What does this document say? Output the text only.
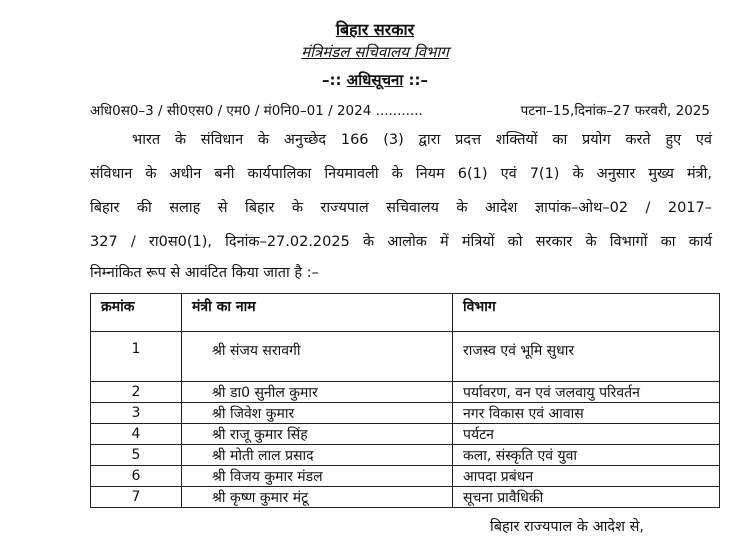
बिहार सरकार
मंत्रिमंडल सचिवालय विभाग
–:: अधिसूचना ::–
अधि0स0–3 / सी0एस0 / एम0 / मं0नि0–01 / 2024 ...........	पटना–15,दिनांक–27 फरवरी, 2025
भारत के संविधान के अनुच्छेद 166 (3) द्वारा प्रदत्त शक्तियों का प्रयोग करते हुए एवं
संविधान के अधीन बनी कार्यपालिका नियमावली के नियम 6(1) एवं 7(1) के अनुसार मुख्य मंत्री,
बिहार की सलाह से बिहार के राज्यपाल सचिवालय के आदेश ज्ञापांक–ओथ–02 / 2017–
327 / रा0स0(1), दिनांक–27.02.2025 के आलोक में मंत्रियों को सरकार के विभागों का कार्य
निम्नांकित रूप से आवंटित किया जाता है :–
क्रमांक	मंत्री का नाम	विभाग
1	श्री संजय सरावगी	राजस्व एवं भूमि सुधार
2	श्री डा0 सुनील कुमार	पर्यावरण, वन एवं जलवायु परिवर्तन
3	श्री जिवेश कुमार	नगर विकास एवं आवास
4	श्री राजू कुमार सिंह	पर्यटन
5	श्री मोती लाल प्रसाद	कला, संस्कृति एवं युवा
6	श्री विजय कुमार मंडल	आपदा प्रबंधन
7	श्री कृष्ण कुमार मंटू	सूचना प्रावैधिकी
बिहार राज्यपाल के आदेश से,
